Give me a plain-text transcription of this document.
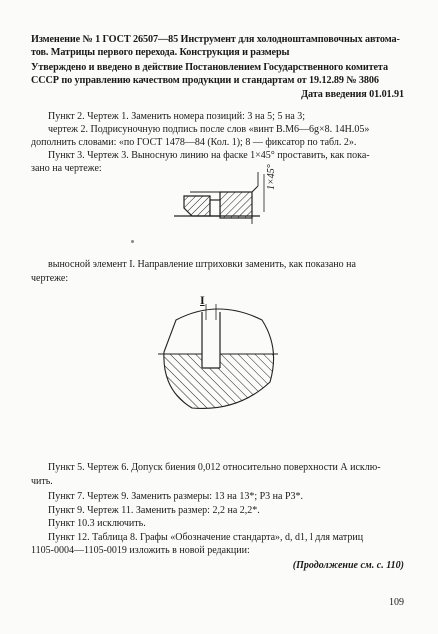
Изменение № 1 ГОСТ 26507—85 Инструмент для холодноштамповочных автома-
тов. Матрицы первого перехода. Конструкция и размеры
Утверждено и введено в действие Постановлением Государственного комитета
СССР по управлению качеством продукции и стандартам от 19.12.89 № 3806
Дата введения 01.01.91
Пункт 2. Чертеж 1. Заменить номера позиций: 3 на 5; 5 на 3;
чертеж 2. Подрисуночную подпись после слов «винт В.М6—6g×8. 14Н.05»
дополнить словами: «по ГОСТ 1478—84 (Кол. 1); 8 — фиксатор по табл. 2».
Пункт 3. Чертеж 3. Выносную линию на фаске 1×45° проставить, как пока-
зано на чертеже:	1×45°
выносной элемент I. Направление штриховки заменить, как показано на
чертеже:
I
Пункт 5. Чертеж 6. Допуск биения 0,012 относительно поверхности А исклю-
чить.
Пункт 7. Чертеж 9. Заменить размеры: 13 на 13*; P3 на P3*.
Пункт 9. Чертеж 11. Заменить размер: 2,2 на 2,2*.
Пункт 10.3 исключить.
Пункт 12. Таблица 8. Графы «Обозначение стандарта», d, d1, l для матриц
1105-0004—1105-0019 изложить в новой редакции:
(Продолжение см. с. 110)
109
